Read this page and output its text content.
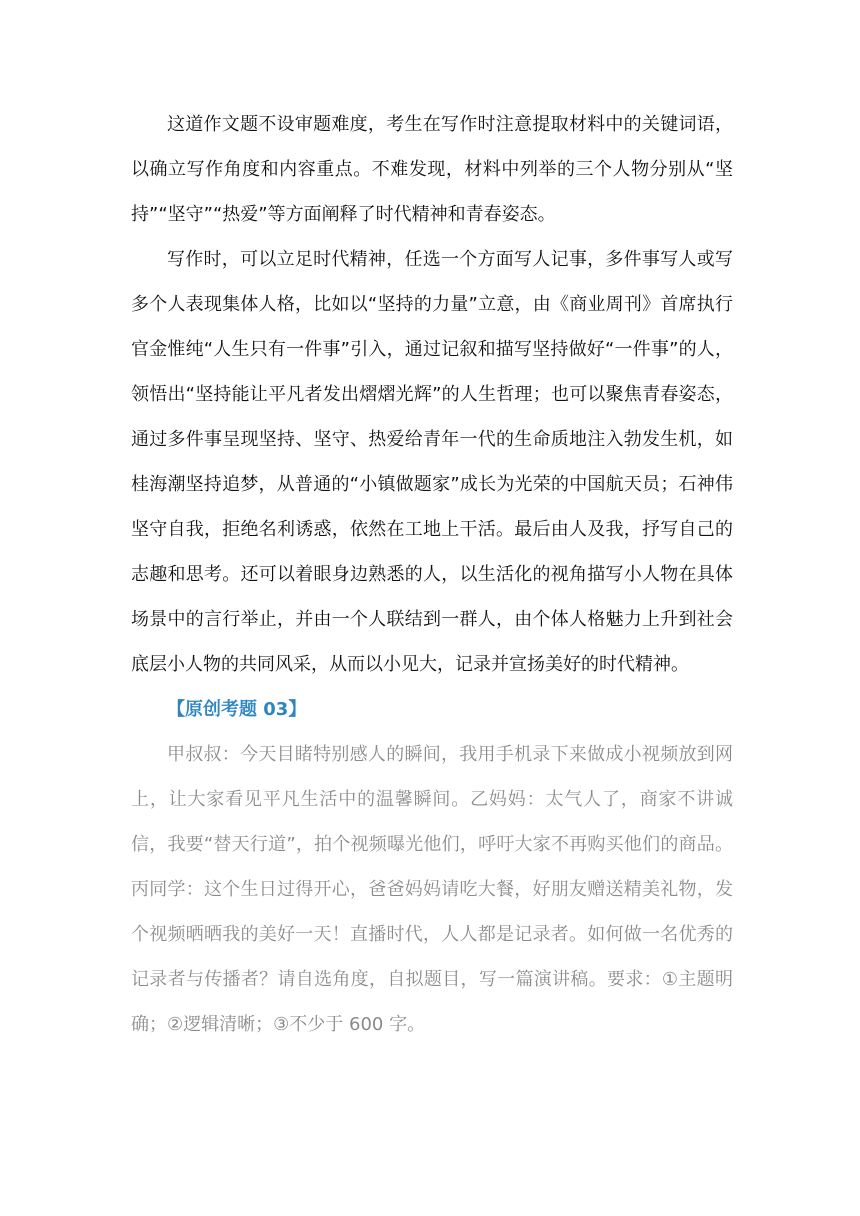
这道作文题不设审题难度，考生在写作时注意提取材料中的关键词语，以确立写作角度和内容重点。不难发现，材料中列举的三个人物分别从“坚持”“坚守”“热爱”等方面阐释了时代精神和青春姿态。

写作时，可以立足时代精神，任选一个方面写人记事，多件事写人或写多个人表现集体人格，比如以“坚持的力量”立意，由《商业周刊》首席执行官金惟纯“人生只有一件事”引入，通过记叙和描写坚持做好“一件事”的人，领悟出“坚持能让平凡者发出熠熠光辉”的人生哲理；也可以聚焦青春姿态，通过多件事呈现坚持、坚守、热爱给青年一代的生命质地注入勃发生机，如桂海潮坚持追梦，从普通的“小镇做题家”成长为光荣的中国航天员；石神伟坚守自我，拒绝名利诱惑，依然在工地上干活。最后由人及我，抒写自己的志趣和思考。还可以着眼身边熟悉的人，以生活化的视角描写小人物在具体场景中的言行举止，并由一个人联结到一群人，由个体人格魅力上升到社会底层小人物的共同风采，从而以小见大，记录并宣扬美好的时代精神。

【原创考题 03】

甲叔叔：今天目睹特别感人的瞬间，我用手机录下来做成小视频放到网上，让大家看见平凡生活中的温馨瞬间。乙妈妈：太气人了，商家不讲诚信，我要“替天行道”，拍个视频曝光他们，呼吁大家不再购买他们的商品。丙同学：这个生日过得开心，爸爸妈妈请吃大餐，好朋友赠送精美礼物，发个视频晒晒我的美好一天！直播时代，人人都是记录者。如何做一名优秀的记录者与传播者？请自选角度，自拟题目，写一篇演讲稿。要求：①主题明确；②逻辑清晰；③不少于 600 字。
